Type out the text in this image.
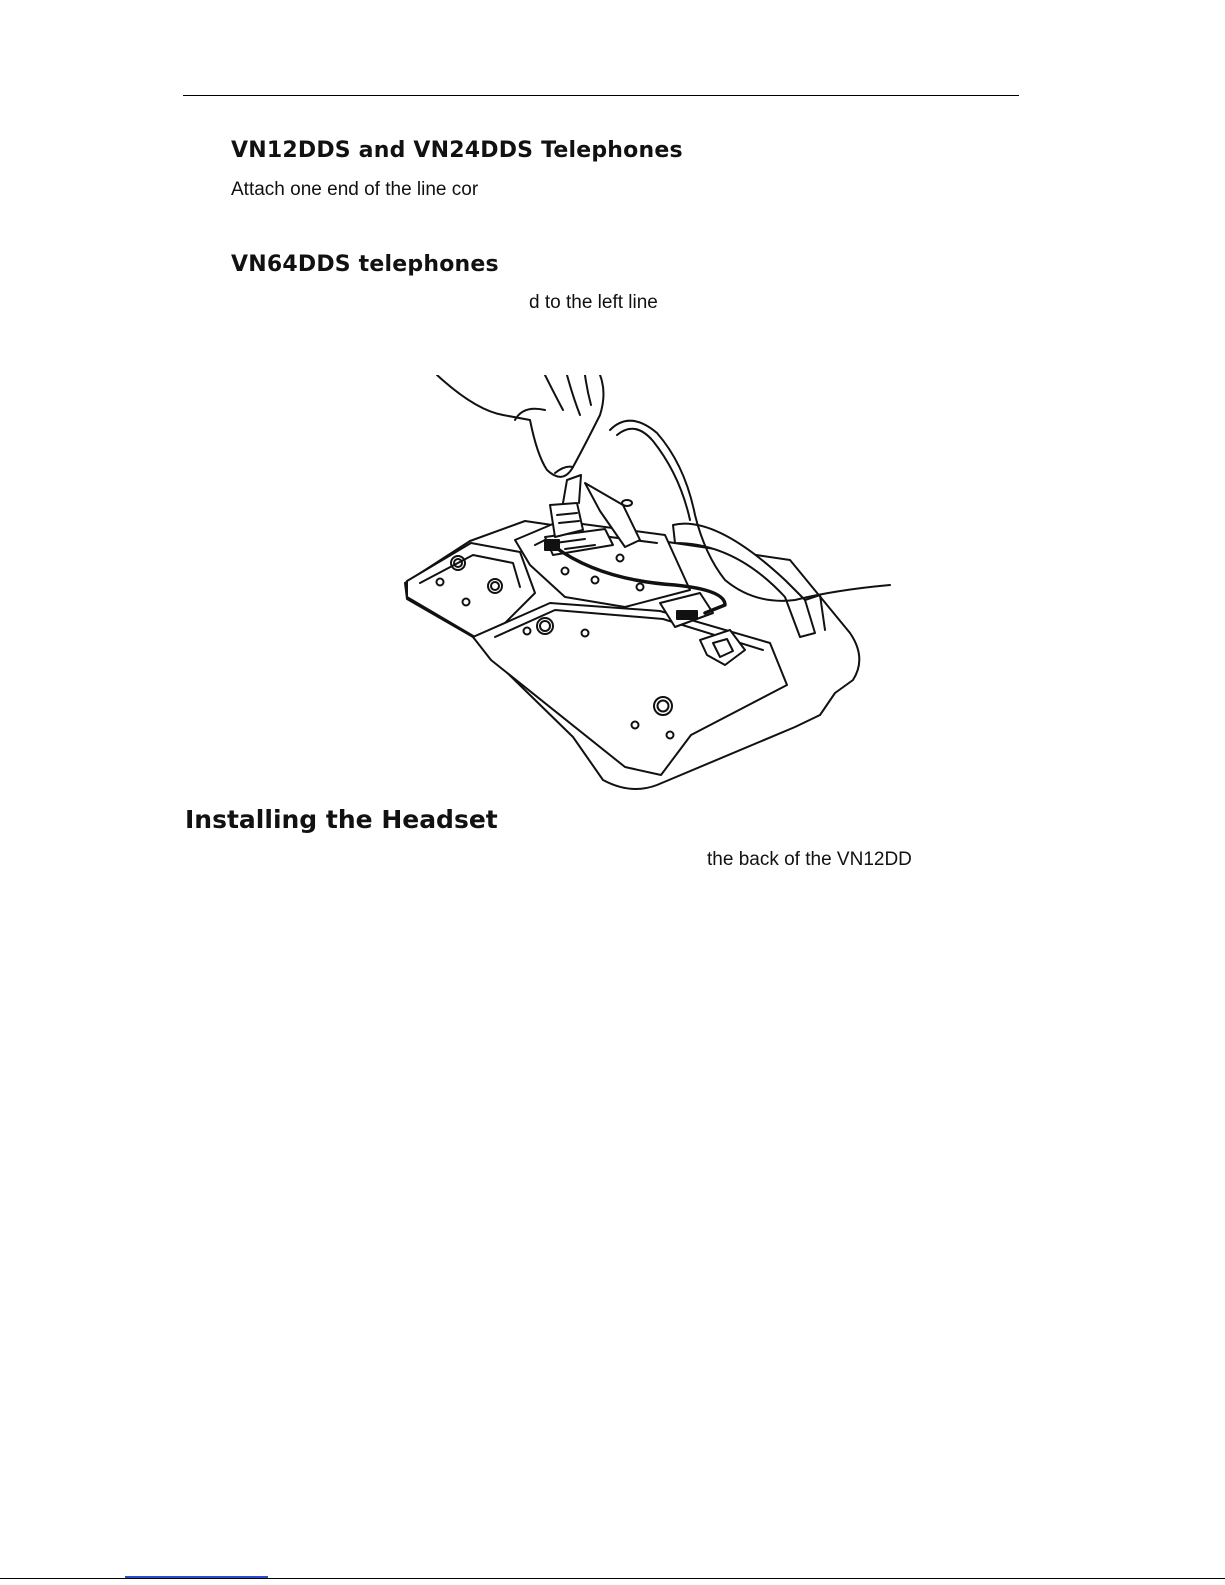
VN12DDS and VN24DDS Telephones

Attach one end of the line cor

VN64DDS telephones

d to the left line

Installing the Headset

the back of the VN12DD
